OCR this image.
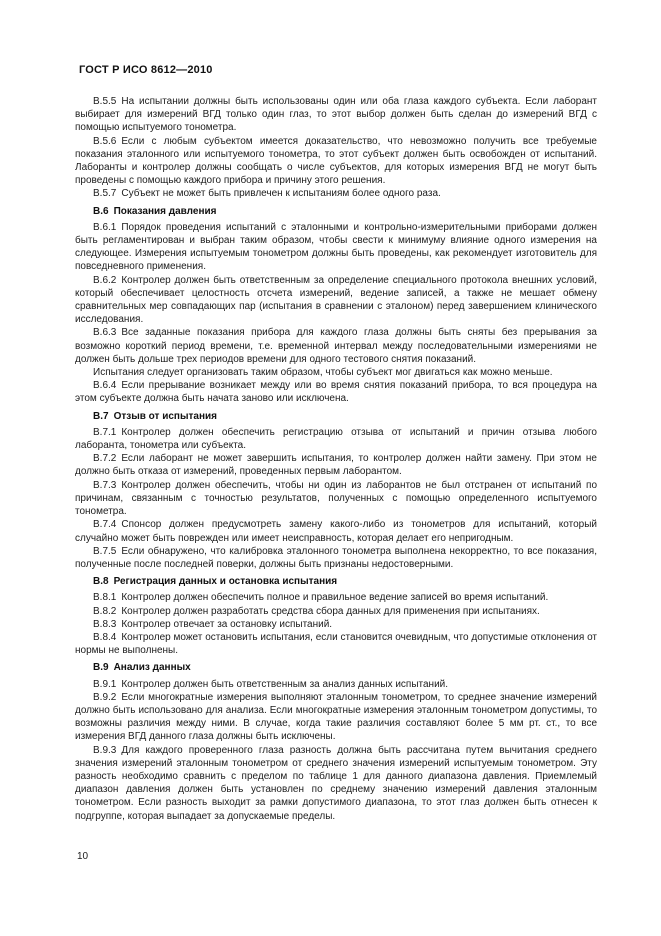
ГОСТ Р ИСО 8612—2010

В.5.5 На испытании должны быть использованы один или оба глаза каждого субъекта. Если лаборант выбирает для измерений ВГД только один глаз, то этот выбор должен быть сделан до измерений ВГД с помощью испытуемого тонометра.

В.5.6 Если с любым субъектом имеется доказательство, что невозможно получить все требуемые показания эталонного или испытуемого тонометра, то этот субъект должен быть освобожден от испытаний. Лаборанты и контролер должны сообщать о числе субъектов, для которых измерения ВГД не могут быть проведены с помощью каждого прибора и причину этого решения.

В.5.7 Субъект не может быть привлечен к испытаниям более одного раза.

В.6 Показания давления

В.6.1 Порядок проведения испытаний с эталонными и контрольно-измерительными приборами должен быть регламентирован и выбран таким образом, чтобы свести к минимуму влияние одного измерения на следующее. Измерения испытуемым тонометром должны быть проведены, как рекомендует изготовитель для повседневного применения.

В.6.2 Контролер должен быть ответственным за определение специального протокола внешних условий, который обеспечивает целостность отсчета измерений, ведение записей, а также не мешает обмену сравнительных мер совпадающих пар (испытания в сравнении с эталоном) перед завершением клинического исследования.

В.6.3 Все заданные показания прибора для каждого глаза должны быть сняты без прерывания за возможно короткий период времени, т.е. временной интервал между последовательными измерениями не должен быть дольше трех периодов времени для одного тестового снятия показаний.

Испытания следует организовать таким образом, чтобы субъект мог двигаться как можно меньше.

В.6.4 Если прерывание возникает между или во время снятия показаний прибора, то вся процедура на этом субъекте должна быть начата заново или исключена.

В.7 Отзыв от испытания

В.7.1 Контролер должен обеспечить регистрацию отзыва от испытаний и причин отзыва любого лаборанта, тонометра или субъекта.

В.7.2 Если лаборант не может завершить испытания, то контролер должен найти замену. При этом не должно быть отказа от измерений, проведенных первым лаборантом.

В.7.3 Контролер должен обеспечить, чтобы ни один из лаборантов не был отстранен от испытаний по причинам, связанным с точностью результатов, полученных с помощью определенного испытуемого тонометра.

В.7.4 Спонсор должен предусмотреть замену какого-либо из тонометров для испытаний, который случайно может быть поврежден или имеет неисправность, которая делает его непригодным.

В.7.5 Если обнаружено, что калибровка эталонного тонометра выполнена некорректно, то все показания, полученные после последней поверки, должны быть признаны недостоверными.

В.8 Регистрация данных и остановка испытания

В.8.1 Контролер должен обеспечить полное и правильное ведение записей во время испытаний.

В.8.2 Контролер должен разработать средства сбора данных для применения при испытаниях.

В.8.3 Контролер отвечает за остановку испытаний.

В.8.4 Контролер может остановить испытания, если становится очевидным, что допустимые отклонения от нормы не выполнены.

В.9 Анализ данных

В.9.1 Контролер должен быть ответственным за анализ данных испытаний.

В.9.2 Если многократные измерения выполняют эталонным тонометром, то среднее значение измерений должно быть использовано для анализа. Если многократные измерения эталонным тонометром допустимы, то возможны различия между ними. В случае, когда такие различия составляют более 5 мм рт. ст., то все измерения ВГД данного глаза должны быть исключены.

В.9.3 Для каждого проверенного глаза разность должна быть рассчитана путем вычитания среднего значения измерений эталонным тонометром от среднего значения измерений испытуемым тонометром. Эту разность необходимо сравнить с пределом по таблице 1 для данного диапазона давления. Приемлемый диапазон давления должен быть установлен по среднему значению измерений давления эталонным тонометром. Если разность выходит за рамки допустимого диапазона, то этот глаз должен быть отнесен к подгруппе, которая выпадает за допускаемые пределы.

10
